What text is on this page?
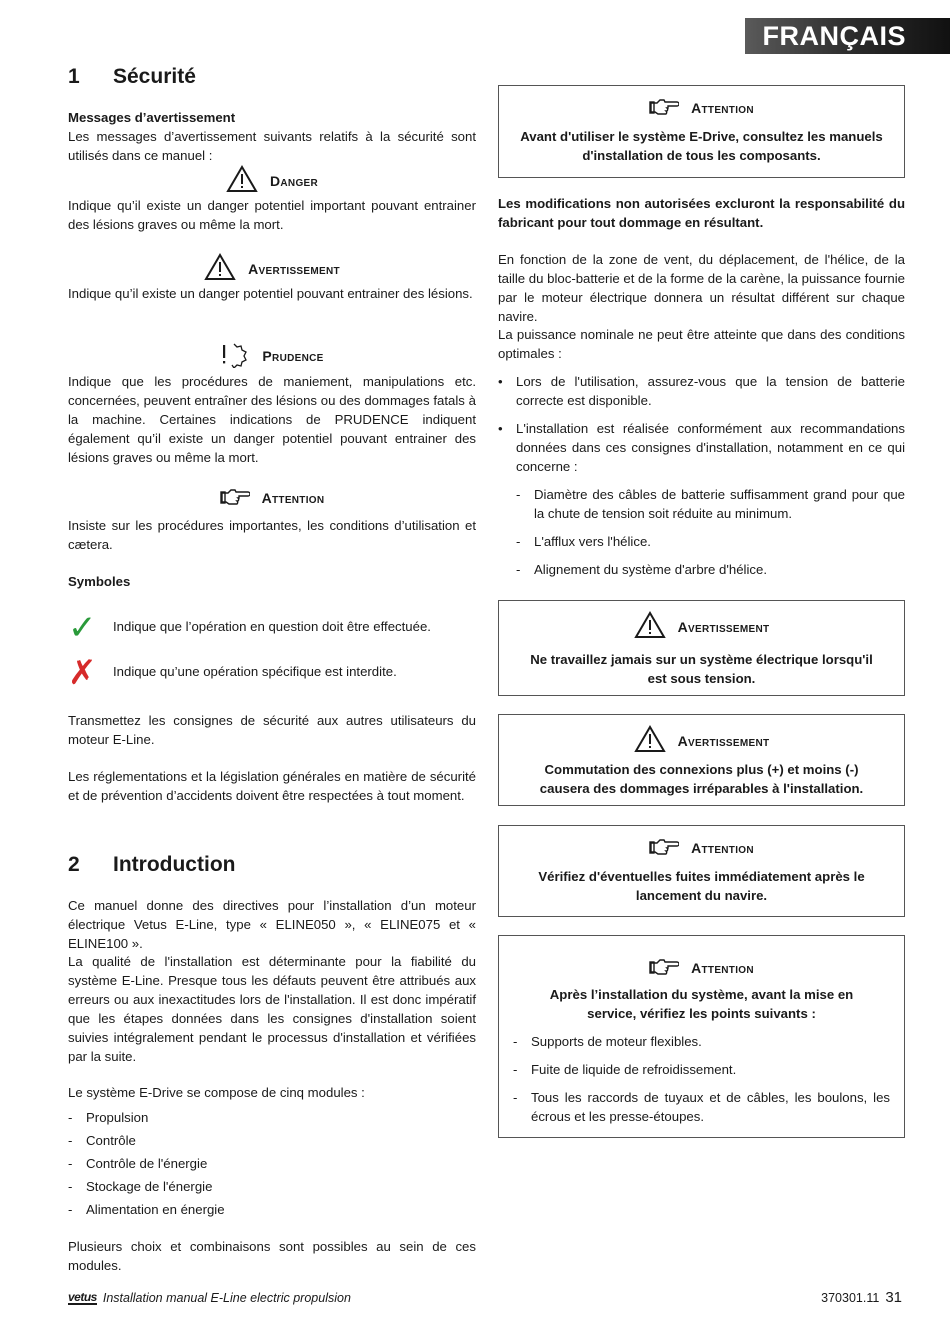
FRANÇAIS
1 Sécurité
Messages d’avertissement

Les messages d’avertissement suivants relatifs à la sécurité sont utilisés dans ce manuel :

Danger

Indique qu’il existe un danger potentiel important pouvant entrainer des lésions graves ou même la mort.

Avertissement

Indique qu’il existe un danger potentiel pouvant entrainer des lésions.

Prudence

Indique que les procédures de maniement, manipulations etc. concernées, peuvent entraîner des lésions ou des dommages fatals à la machine. Certaines indications de PRUDENCE indiquent également qu’il existe un danger potentiel pouvant entrainer des lésions graves ou même la mort.

Attention

Insiste sur les procédures importantes, les conditions d’utilisation et cætera.

Symboles
✓	Indique que l’opération en question doit être effectuée.
✗	Indique qu’une opération spécifique est interdite.

Transmettez les consignes de sécurité aux autres utilisateurs du moteur E-Line.

Les réglementations et la législation générales en matière de sécurité et de prévention d’accidents doivent être respectées à tout moment.

2 Introduction

Ce manuel donne des directives pour l’installation d’un moteur électrique Vetus E-Line, type « ELINE050 », « ELINE075 et « ELINE100 ».

La qualité de l'installation est déterminante pour la fiabilité du système E-Line. Presque tous les défauts peuvent être attribués aux erreurs ou aux inexactitudes lors de l'installation. Il est donc impératif que les étapes données dans les consignes d'installation soient suivies intégralement pendant le processus d'installation et vérifiées par la suite.

Le système E-Drive se compose de cinq modules :

- Propulsion
- Contrôle
- Contrôle de l'énergie
- Stockage de l'énergie
- Alimentation en énergie

Plusieurs choix et combinaisons sont possibles au sein de ces modules.

Attention
Avant d'utiliser le système E-Drive, consultez les manuels d'installation de tous les composants.

Les modifications non autorisées excluront la responsabilité du fabricant pour tout dommage en résultant.

En fonction de la zone de vent, du déplacement, de l'hélice, de la taille du bloc-batterie et de la forme de la carène, la puissance fournie par le moteur électrique donnera un résultat différent sur chaque navire.

La puissance nominale ne peut être atteinte que dans des conditions optimales :

• Lors de l'utilisation, assurez-vous que la tension de batterie correcte est disponible.
• L'installation est réalisée conformément aux recommandations données dans ces consignes d'installation, notamment en ce qui concerne :
- Diamètre des câbles de batterie suffisamment grand pour que la chute de tension soit réduite au minimum.
- L'afflux vers l'hélice.
- Alignement du système d'arbre d'hélice.
Avertissement
Ne travaillez jamais sur un système électrique lorsqu'il est sous tension.
Avertissement
Commutation des connexions plus (+) et moins (-) causera des dommages irréparables à l'installation.
Attention
Vérifiez d'éventuelles fuites immédiatement après le lancement du navire.
Attention
Après l’installation du système, avant la mise en service, vérifiez les points suivants :
- Supports de moteur flexibles.
- Fuite de liquide de refroidissement.
- Tous les raccords de tuyaux et de câbles, les boulons, les écrous et les presse-étoupes.
vetus Installation manual E-Line electric propulsion	370301.11 31
